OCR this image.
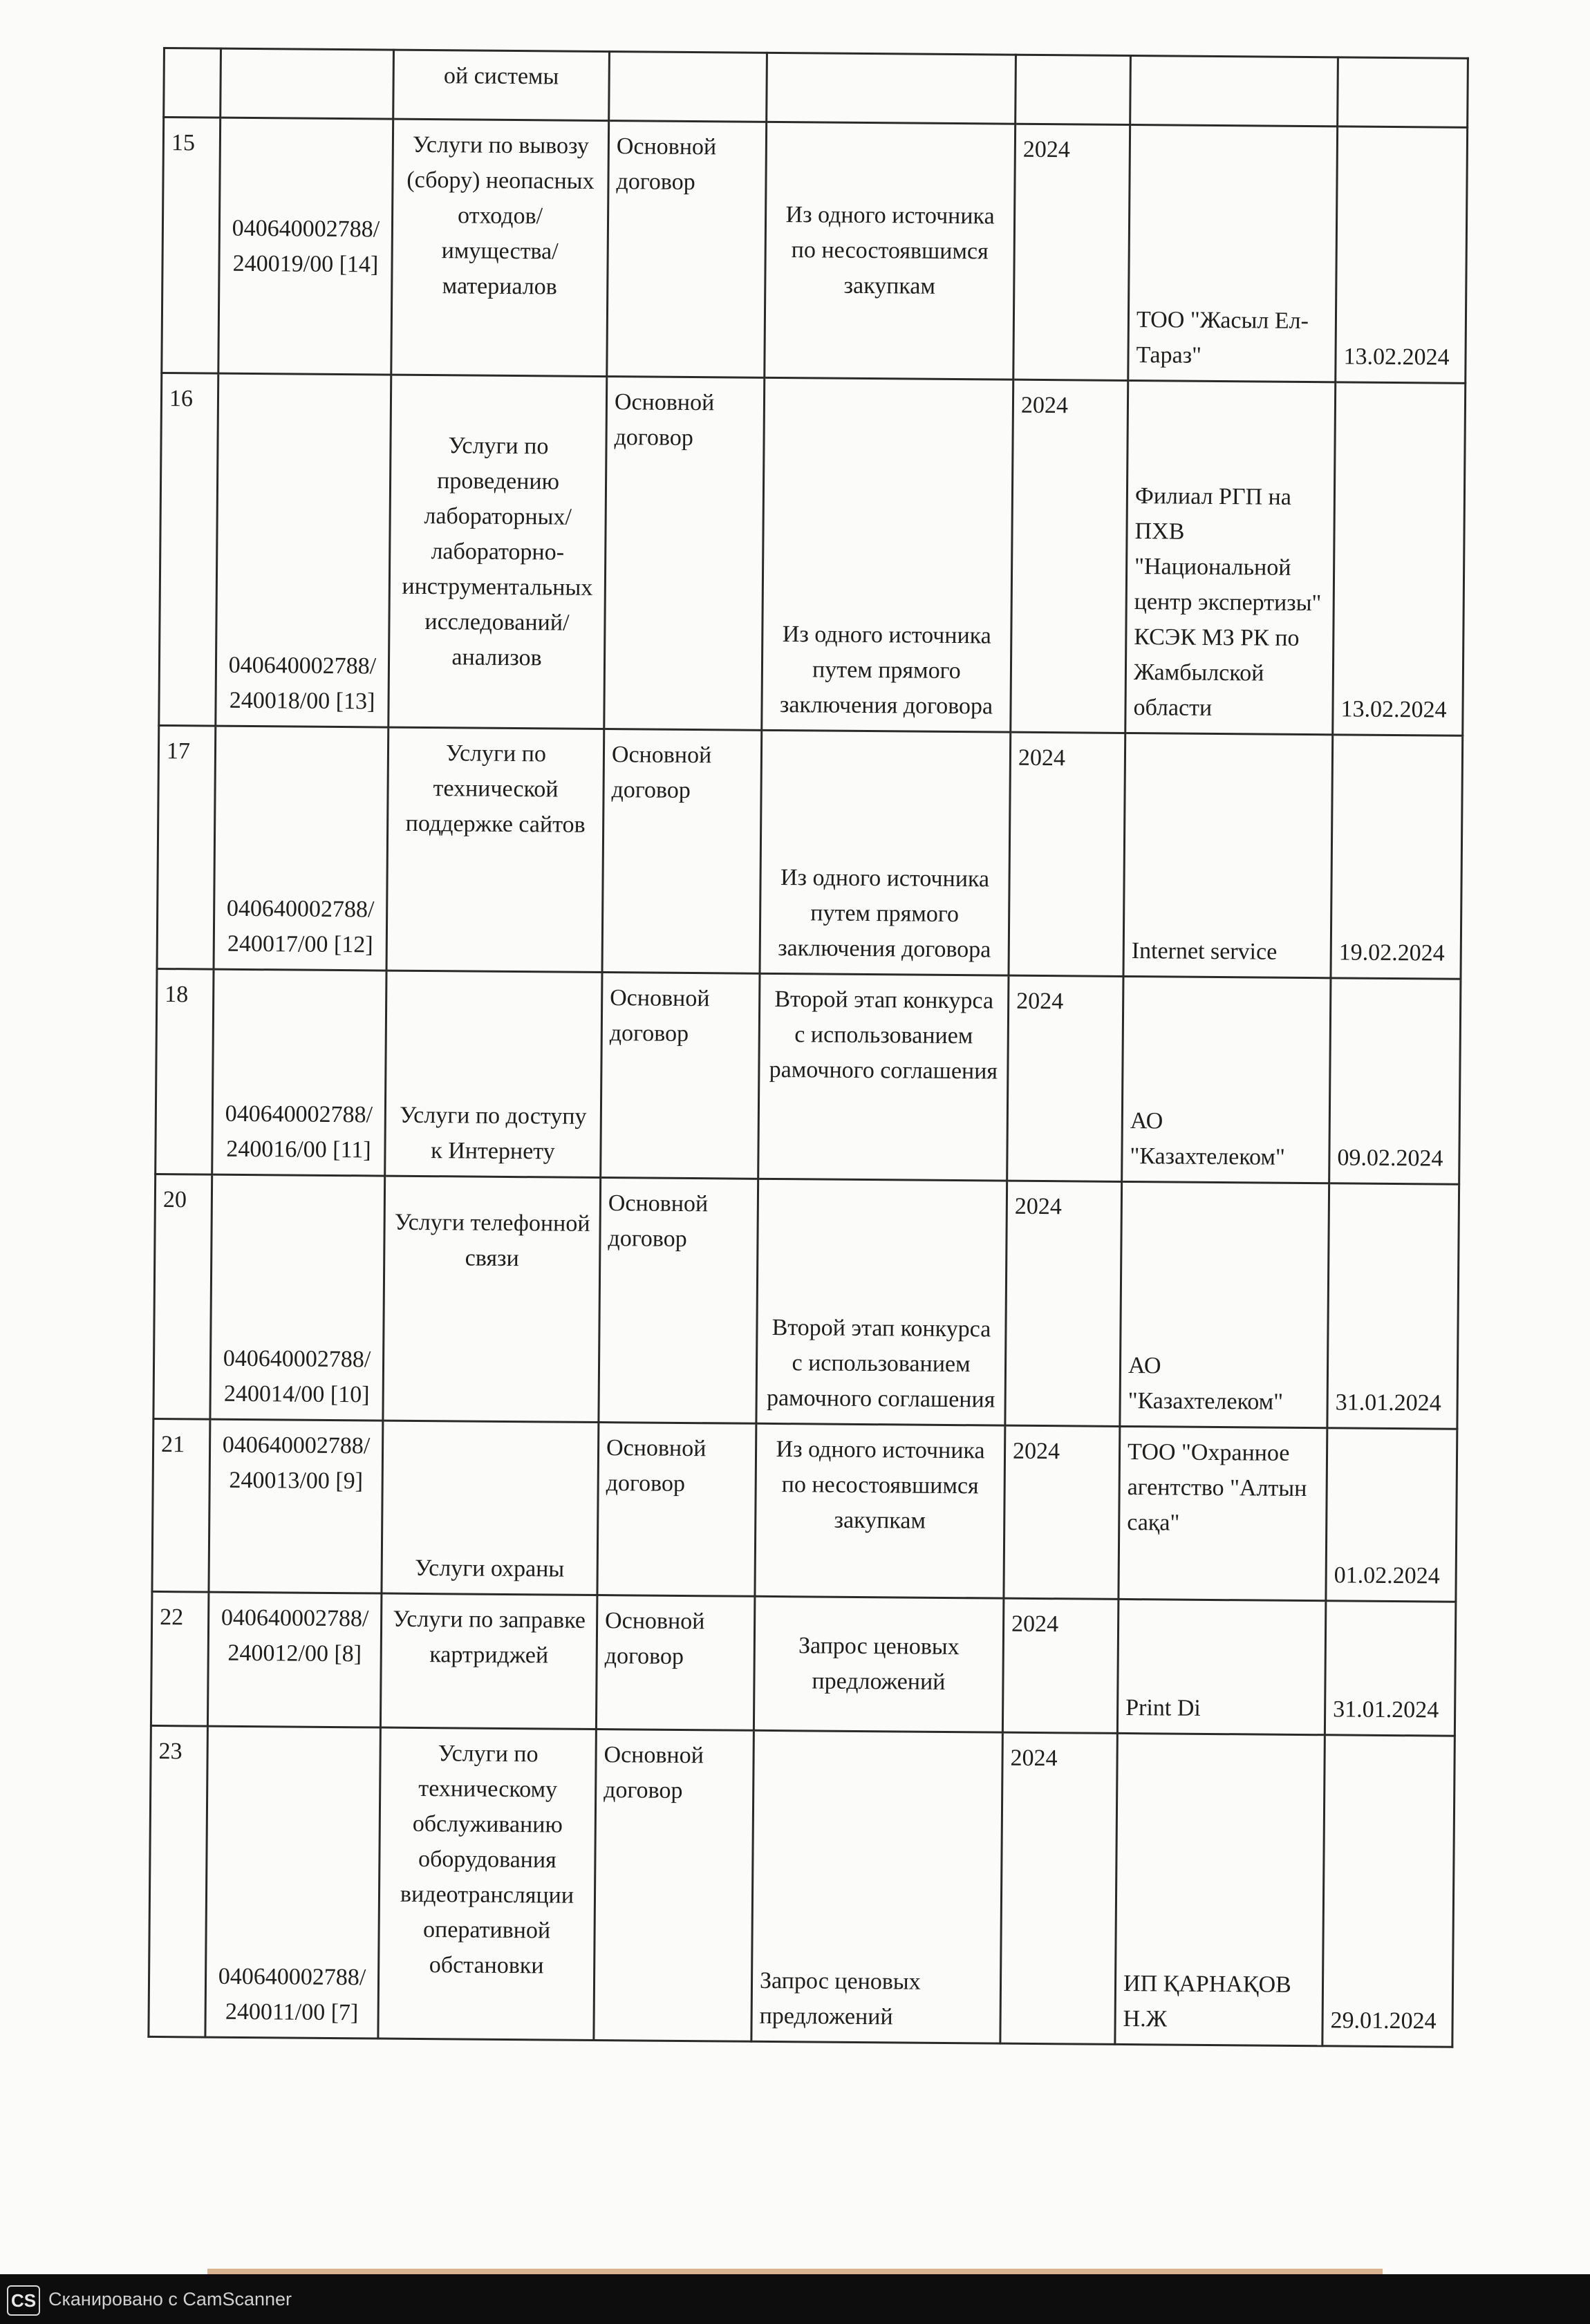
		ой системы					
15	040640002788/240019/00 [14]	Услуги по вывозу (сбору) неопасных отходов/имущества/материалов	Основной договор	Из одного источника по несостоявшимся закупкам	2024	ТОО "Жасыл Ел-Тараз"	13.02.2024
16	040640002788/240018/00 [13]	Услуги по проведению лабораторных/лабораторно-инструментальных исследований/анализов	Основной договор	Из одного источника путем прямого заключения договора	2024	Филиал РГП на ПХВ "Национальной центр экспертизы" КСЭК МЗ РК по Жамбылской области	13.02.2024
17	040640002788/240017/00 [12]	Услуги по технической поддержке сайтов	Основной договор	Из одного источника путем прямого заключения договора	2024	Internet service	19.02.2024
18	040640002788/240016/00 [11]	Услуги по доступу к Интернету	Основной договор	Второй этап конкурса с использованием рамочного соглашения	2024	АО "Казахтелеком"	09.02.2024
20	040640002788/240014/00 [10]	Услуги телефонной связи	Основной договор	Второй этап конкурса с использованием рамочного соглашения	2024	АО "Казахтелеком"	31.01.2024
21	040640002788/240013/00 [9]	Услуги охраны	Основной договор	Из одного источника по несостоявшимся закупкам	2024	ТОО "Охранное агентство "Алтын сақа"	01.02.2024
22	040640002788/240012/00 [8]	Услуги по заправке картриджей	Основной договор	Запрос ценовых предложений	2024	Print Di	31.01.2024
23	040640002788/240011/00 [7]	Услуги по техническому обслуживанию оборудования видеотрансляции оперативной обстановки	Основной договор	Запрос ценовых предложений	2024	ИП ҚАРНАҚОВ Н.Ж	29.01.2024
CS Сканировано с CamScanner
